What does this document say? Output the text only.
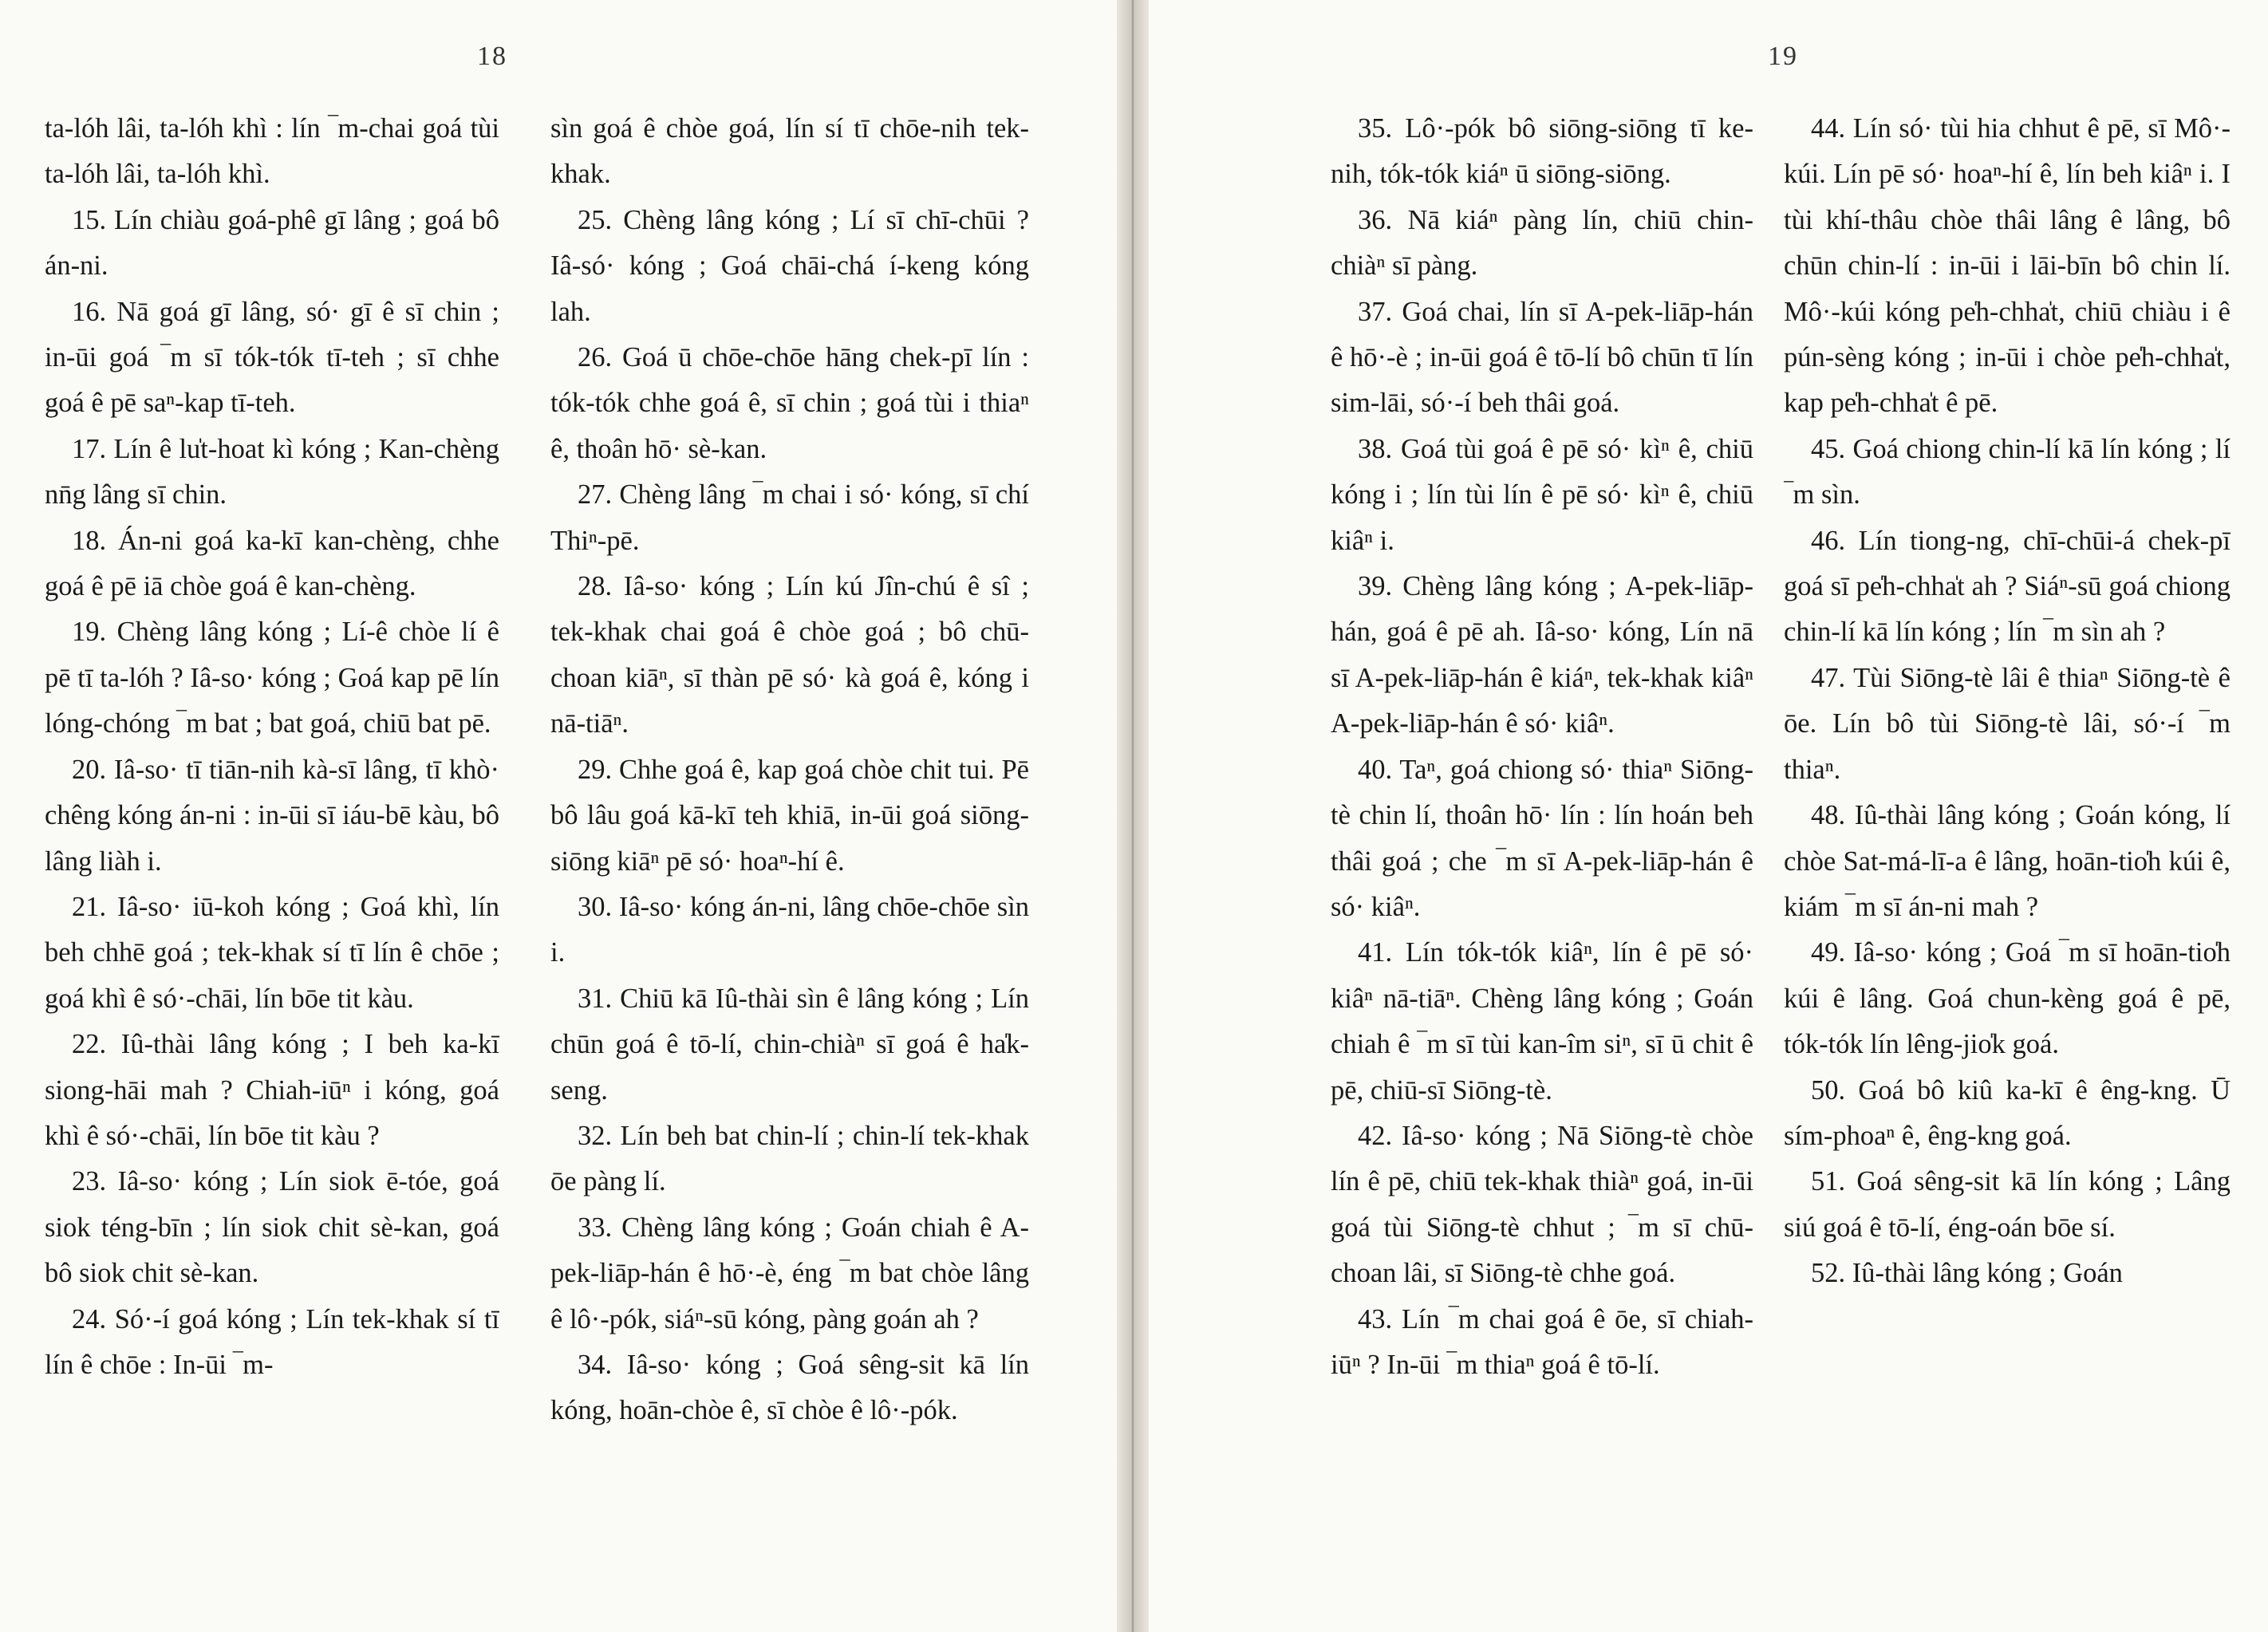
18

ta-lóh lâi, ta-lóh khì : lín ‾m-chai goá tùi ta-lóh lâi, ta-lóh khì.

15. Lín chiàu goá-phê gī lâng ; goá bô án-ni.

16. Nā goá gī lâng, só· gī ê sī chin ; in-ūi goá ‾m sī tók-tók tī-teh ; sī chhe goá ê pē saⁿ-kap tī-teh.

17. Lín ê lu̍t-hoat kì kóng ; Kan-chèng nn̄g lâng sī chin.

18. Án-ni goá ka-kī kan-chèng, chhe goá ê pē iā chòe goá ê kan-chèng.

19. Chèng lâng kóng ; Lí-ê chòe lí ê pē tī ta-lóh ? Iâ-so· kóng ; Goá kap pē lín lóng-chóng ‾m bat ; bat goá, chiū bat pē.

20. Iâ-so· tī tiān-nih kà-sī lâng, tī khò· chêng kóng án-ni : in-ūi sī iáu-bē kàu, bô lâng liàh i.

21. Iâ-so· iū-koh kóng ; Goá khì, lín beh chhē goá ; tek-khak sí tī lín ê chōe ; goá khì ê só·-chāi, lín bōe tit kàu.

22. Iû-thài lâng kóng ; I beh ka-kī siong-hāi mah ? Chiah-iūⁿ i kóng, goá khì ê só·-chāi, lín bōe tit kàu ?

23. Iâ-so· kóng ; Lín siok ē-tóe, goá siok téng-bīn ; lín siok chit sè-kan, goá bô siok chit sè-kan.

24. Só·-í goá kóng ; Lín tek-khak sí tī lín ê chōe : In-ūi ‾m-

sìn goá ê chòe goá, lín sí tī chōe-nih tek-khak.

25. Chèng lâng kóng ; Lí sī chī-chūi ? Iâ-só· kóng ; Goá chāi-chá í-keng kóng lah.

26. Goá ū chōe-chōe hāng chek-pī lín : tók-tók chhe goá ê, sī chin ; goá tùi i thiaⁿ ê, thoân hō· sè-kan.

27. Chèng lâng ‾m chai i só· kóng, sī chí Thiⁿ-pē.

28. Iâ-so· kóng ; Lín kú Jîn-chú ê sî ; tek-khak chai goá ê chòe goá ; bô chū-choan kiāⁿ, sī thàn pē só· kà goá ê, kóng i nā-tiāⁿ.

29. Chhe goá ê, kap goá chòe chit tui. Pē bô lâu goá kā-kī teh khiā, in-ūi goá siōng-siōng kiāⁿ pē só· hoaⁿ-hí ê.

30. Iâ-so· kóng án-ni, lâng chōe-chōe sìn i.

31. Chiū kā Iû-thài sìn ê lâng kóng ; Lín chūn goá ê tō-lí, chin-chiàⁿ sī goá ê ha̍k-seng.

32. Lín beh bat chin-lí ; chin-lí tek-khak ōe pàng lí.

33. Chèng lâng kóng ; Goán chiah ê A-pek-liāp-hán ê hō·-è, éng ‾m bat chòe lâng ê lô·-pók, siáⁿ-sū kóng, pàng goán ah ?

34. Iâ-so· kóng ; Goá sêng-sit kā lín kóng, hoān-chòe ê, sī chòe ê lô·-pók.

19

35. Lô·-pók bô siōng-siōng tī ke-nih, tók-tók kiáⁿ ū siōng-siōng.

36. Nā kiáⁿ pàng lín, chiū chin-chiàⁿ sī pàng.

37. Goá chai, lín sī A-pek-liāp-hán ê hō·-è ; in-ūi goá ê tō-lí bô chūn tī lín sim-lāi, só·-í beh thâi goá.

38. Goá tùi goá ê pē só· kìⁿ ê, chiū kóng i ; lín tùi lín ê pē só· kìⁿ ê, chiū kiâⁿ i.

39. Chèng lâng kóng ; A-pek-liāp-hán, goá ê pē ah. Iâ-so· kóng, Lín nā sī A-pek-liāp-hán ê kiáⁿ, tek-khak kiâⁿ A-pek-liāp-hán ê só· kiâⁿ.

40. Taⁿ, goá chiong só· thiaⁿ Siōng-tè chin lí, thoân hō· lín : lín hoán beh thâi goá ; che ‾m sī A-pek-liāp-hán ê só· kiâⁿ.

41. Lín tók-tók kiâⁿ, lín ê pē só· kiâⁿ nā-tiāⁿ. Chèng lâng kóng ; Goán chiah ê ‾m sī tùi kan-îm siⁿ, sī ū chit ê pē, chiū-sī Siōng-tè.

42. Iâ-so· kóng ; Nā Siōng-tè chòe lín ê pē, chiū tek-khak thiàⁿ goá, in-ūi goá tùi Siōng-tè chhut ; ‾m sī chū-choan lâi, sī Siōng-tè chhe goá.

43. Lín ‾m chai goá ê ōe, sī chiah-iūⁿ ? In-ūi ‾m thiaⁿ goá ê tō-lí.

44. Lín só· tùi hia chhut ê pē, sī Mô·-kúi. Lín pē só· hoaⁿ-hí ê, lín beh kiâⁿ i. I tùi khí-thâu chòe thâi lâng ê lâng, bô chūn chin-lí : in-ūi i lāi-bīn bô chin lí. Mô·-kúi kóng pe̍h-chha̍t, chiū chiàu i ê pún-sèng kóng ; in-ūi i chòe pe̍h-chha̍t, kap pe̍h-chha̍t ê pē.

45. Goá chiong chin-lí kā lín kóng ; lí ‾m sìn.

46. Lín tiong-ng, chī-chūi-á chek-pī goá sī pe̍h-chha̍t ah ? Siáⁿ-sū goá chiong chin-lí kā lín kóng ; lín ‾m sìn ah ?

47. Tùi Siōng-tè lâi ê thiaⁿ Siōng-tè ê ōe. Lín bô tùi Siōng-tè lâi, só·-í ‾m thiaⁿ.

48. Iû-thài lâng kóng ; Goán kóng, lí chòe Sat-má-lī-a ê lâng, hoān-tio̍h kúi ê, kiám ‾m sī án-ni mah ?

49. Iâ-so· kóng ; Goá ‾m sī hoān-tio̍h kúi ê lâng. Goá chun-kèng goá ê pē, tók-tók lín lêng-jio̍k goá.

50. Goá bô kiû ka-kī ê êng-kng. Ū sím-phoaⁿ ê, êng-kng goá.

51. Goá sêng-sit kā lín kóng ; Lâng siú goá ê tō-lí, éng-oán bōe sí.

52. Iû-thài lâng kóng ; Goán
